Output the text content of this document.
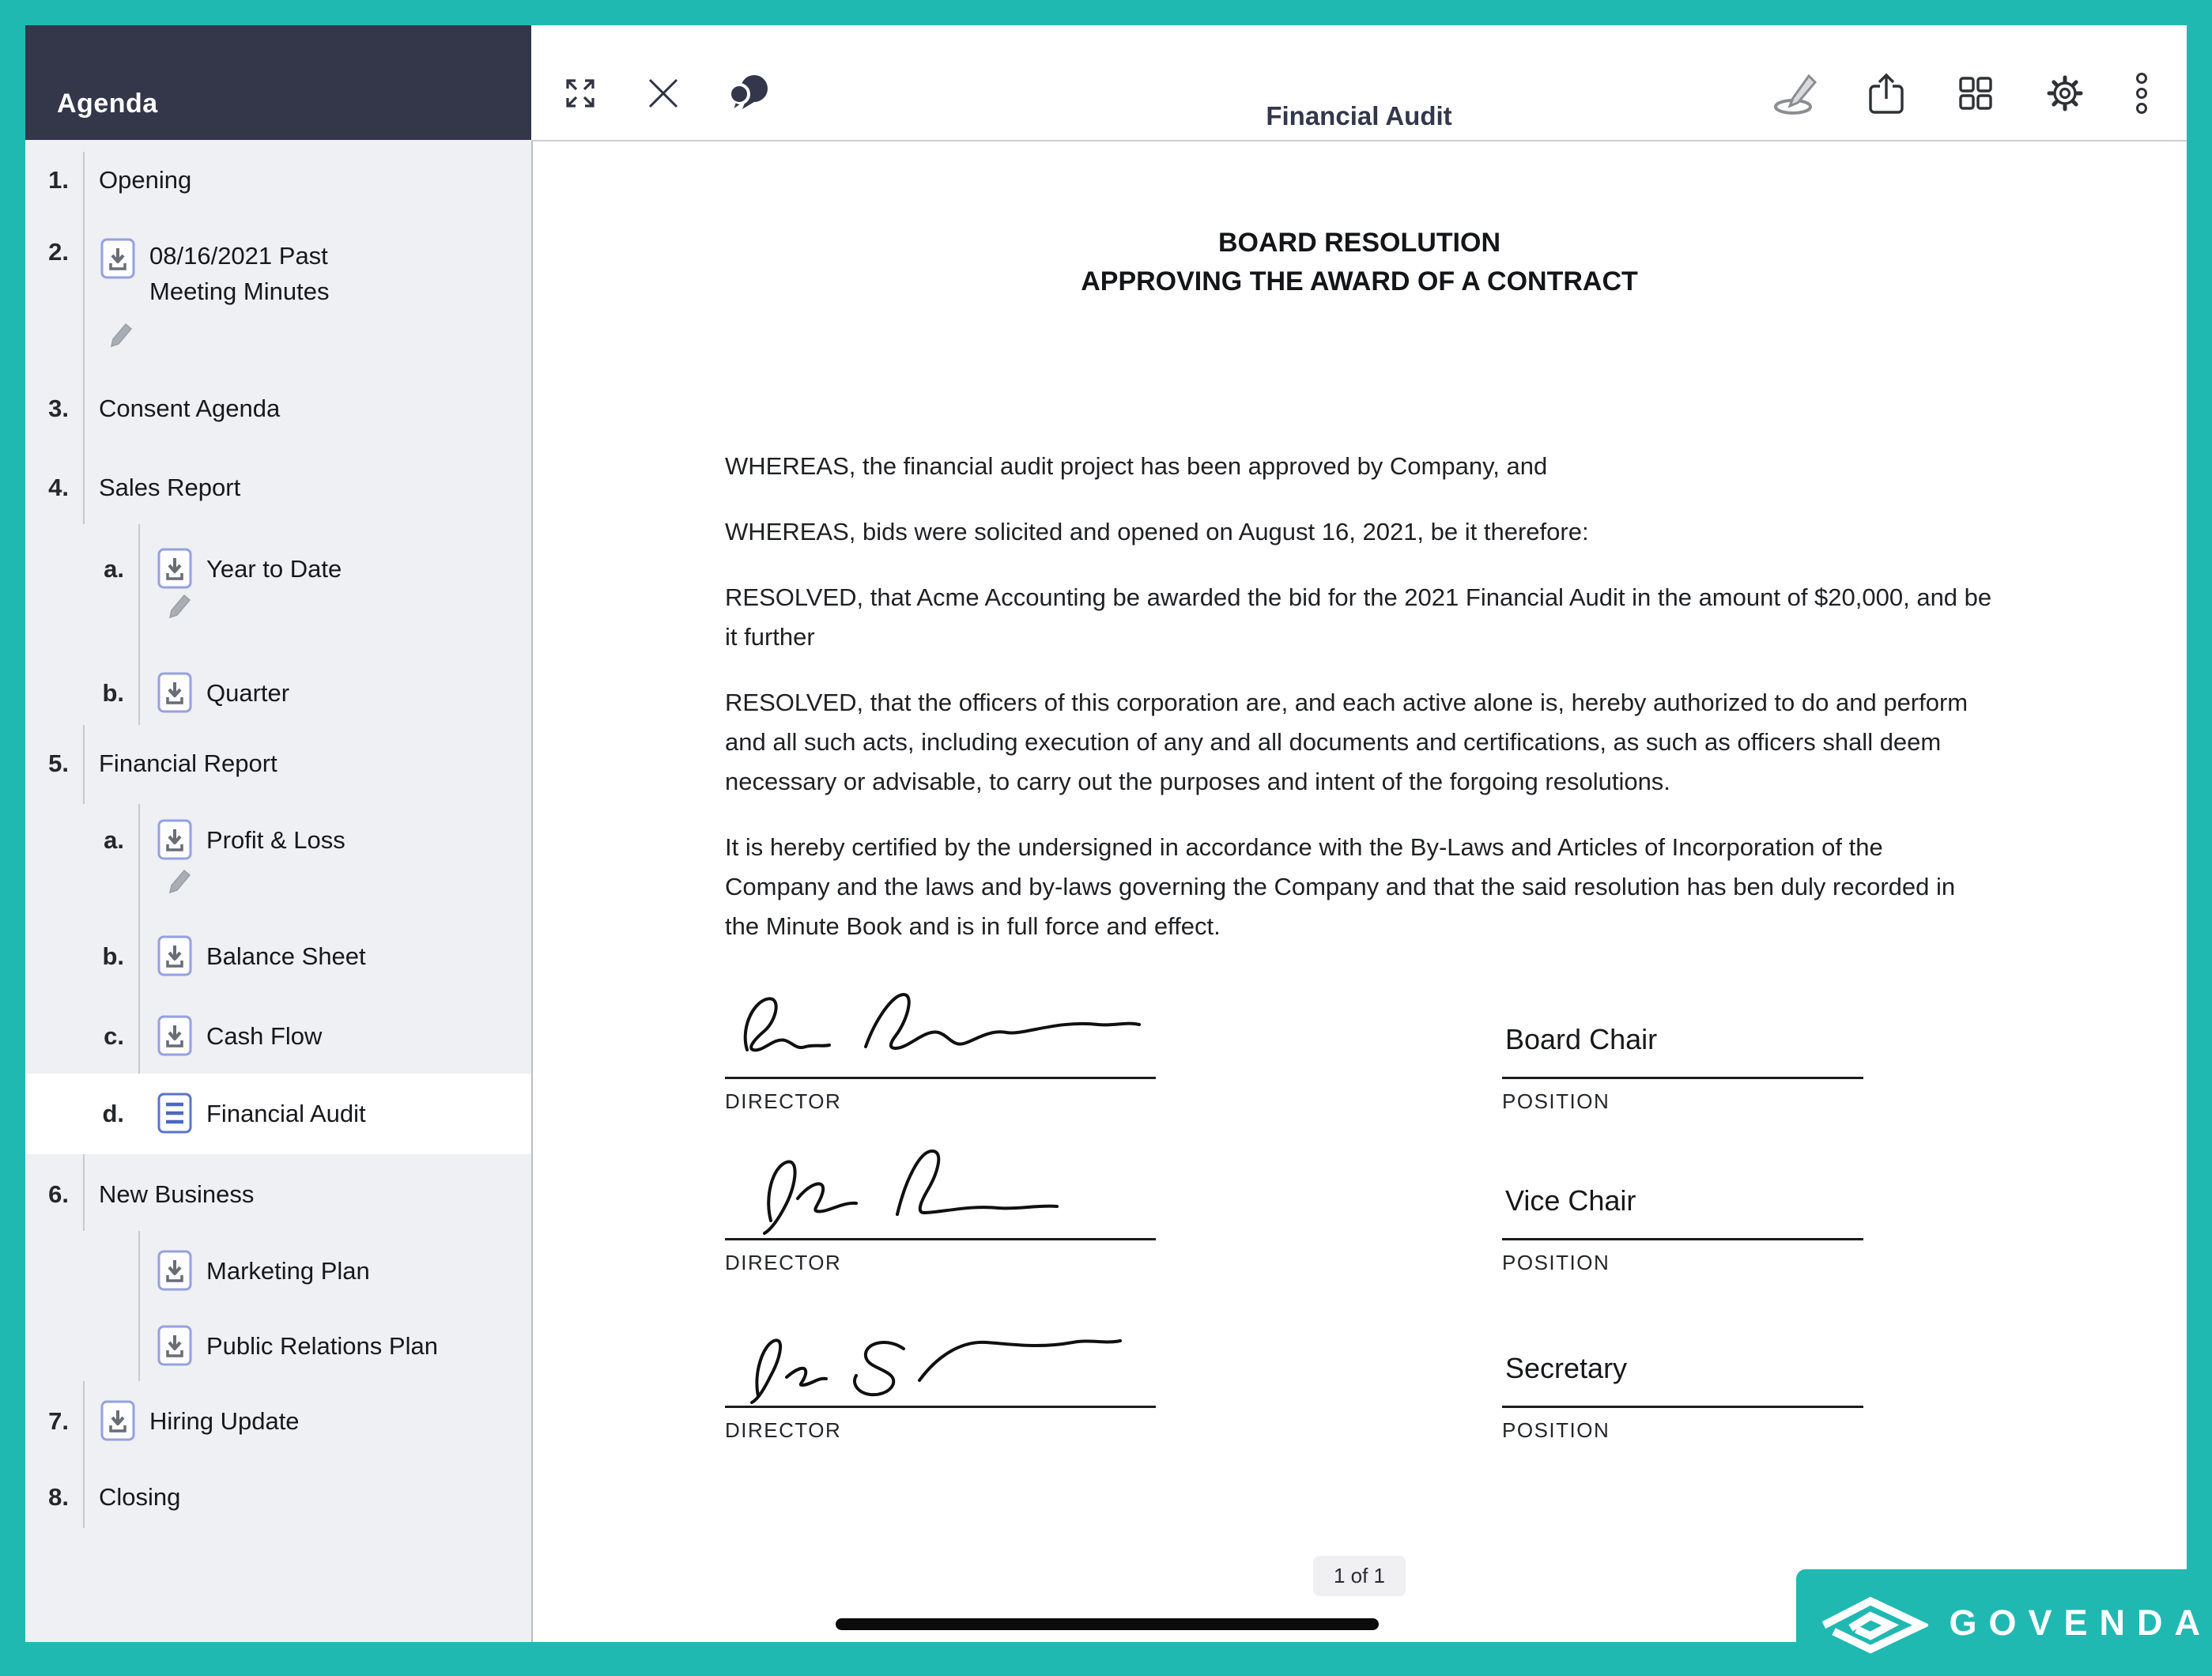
Agenda
1.	Opening
2.	08/16/2021 Past Meeting Minutes
3.	Consent Agenda
4.	Sales Report
a.	Year to Date
b.	Quarter
5.	Financial Report
a.	Profit & Loss
b.	Balance Sheet
c.	Cash Flow
d.	Financial Audit
6.	New Business
Marketing Plan
Public Relations Plan
7.	Hiring Update
8.	Closing
Financial Audit
BOARD RESOLUTION
APPROVING THE AWARD OF A CONTRACT

WHEREAS, the financial audit project has been approved by Company, and

WHEREAS, bids were solicited and opened on August 16, 2021, be it therefore:

RESOLVED, that Acme Accounting be awarded the bid for the 2021 Financial Audit in the amount of $20,000, and be it further

RESOLVED, that the officers of this corporation are, and each active alone is, hereby authorized to do and perform and all such acts, including execution of any and all documents and certifications, as such as officers shall deem necessary or advisable, to carry out the purposes and intent of the forgoing resolutions.

It is hereby certified by the undersigned in accordance with the By-Laws and Articles of Incorporation of the Company and the laws and by-laws governing the Company and that the said resolution has ben duly recorded in the Minute Book and is in full force and effect.

DIRECTOR
Board Chair
POSITION
DIRECTOR
Vice Chair
POSITION
DIRECTOR
Secretary
POSITION
1 of 1
GOVENDA
